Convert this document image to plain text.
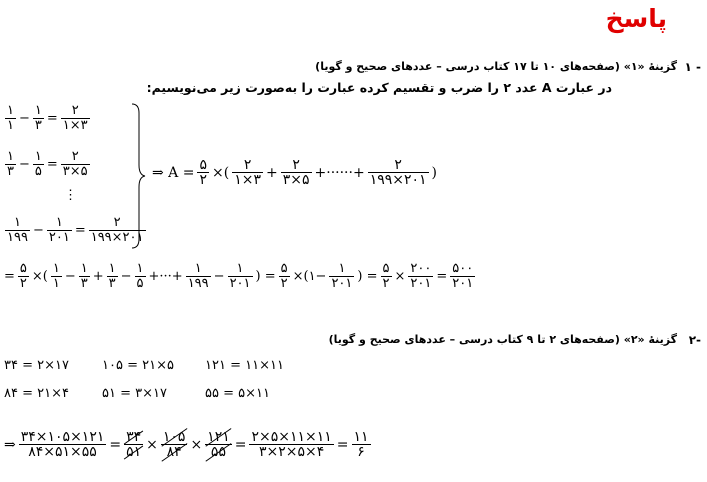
پاسخ
۱ -
گزینۀ «۱» (صفحه‌های ۱۰ تا ۱۷ کتاب درسی – عددهای صحیح و گویا)
در عبارت A عدد ۲ را ضرب و تقسیم کرده عبارت را به‌صورت زیر می‌نویسیم:
۱
۱ −
۱
۳ =
۲
۱×۳
۱
۳ −
۱
۵ =
۲
۳×۵
⋮
۱
۱۹۹ −
۱
۲۰۱ =
۲
۱۹۹×۲۰۱
⇒ A = ۵
۲ ×(	۲
۱×۳ +	۲
۳×۵ +······+	۲
۱۹۹×۲۰۱ )
=
۵
۲ ×(
۱
۱ −
۱
۳ +
۱
۳ −
۱
۵ +···+
۱
۱۹۹ −
۱
۲۰۱ ) =
۵
۲ ×(۱−
۱
۲۰۱ ) =
۵
۲ ×
۲۰۰
۲۰۱ =
۵۰۰
۲۰۱
۲-
گزینۀ «۲» (صفحه‌های ۲ تا ۹ کتاب درسی – عددهای صحیح و گویا)
۳۴ = ۲×۱۷	۱۰۵ = ۲۱×۵ ۱۲۱ = ۱۱×۱۱
۸۴ = ۲۱×۴	۵۱ = ۳×۱۷	۵۵ = ۵×۱۱
⇒ ۳۴×۱۰۵×۱۲۱
۸۴×۵۱×۵۵ = ۳۴
۵۱ × ۱۰۵
۸۴ × ۱۲۱
۵۵ = ۲×۵×۱۱×۱۱
۳×۲×۵×۴ = ۱۱
۶
